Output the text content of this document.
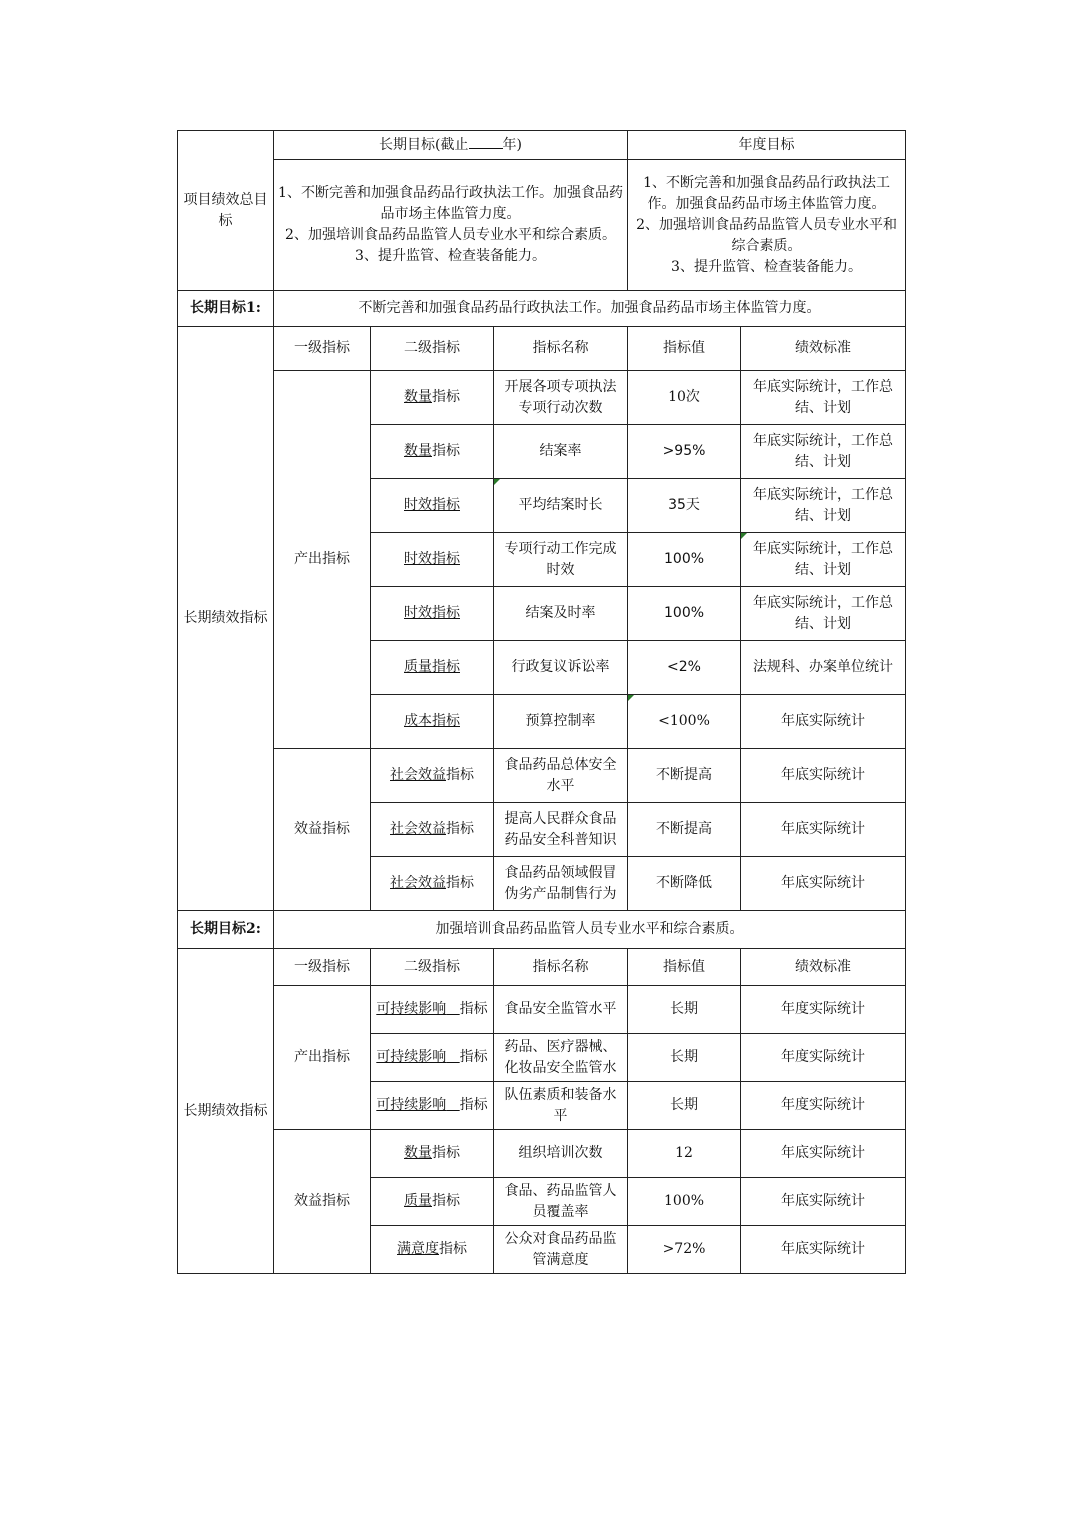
项目绩效总目标	长期目标(截止 年)			年度目标	
	1、不断完善和加强食品药品行政执法工作。加强食品药品市场主体监管力度。
2、加强培训食品药品监管人员专业水平和综合素质。
3、提升监管、检查装备能力。			1、不断完善和加强食品药品行政执法工作。加强食品药品市场主体监管力度。
2、加强培训食品药品监管人员专业水平和综合素质。
3、提升监管、检查装备能力。	
长期目标1:	不断完善和加强食品药品行政执法工作。加强食品药品市场主体监管力度。				
长期绩效指标	一级指标	二级指标	指标名称	指标值	绩效标准
	产出指标	数量指标	开展各项专项执法专项行动次数	10次	年底实际统计，工作总结、计划
		数量指标	结案率	>95%	年底实际统计，工作总结、计划
		时效指标	平均结案时长	35天	年底实际统计，工作总结、计划
		时效指标	专项行动工作完成时效	100%	年底实际统计，工作总结、计划
		时效指标	结案及时率	100%	年底实际统计，工作总结、计划
		质量指标	行政复议诉讼率	<2%	法规科、办案单位统计
		成本指标	预算控制率	<100%	年底实际统计
	效益指标	社会效益指标	食品药品总体安全水平	不断提高	年底实际统计
		社会效益指标	提高人民群众食品药品安全科普知识	不断提高	年底实际统计
		社会效益指标	食品药品领域假冒伪劣产品制售行为	不断降低	年底实际统计
长期目标2:	加强培训食品药品监管人员专业水平和综合素质。				
长期绩效指标	一级指标	二级指标	指标名称	指标值	绩效标准
	产出指标	可持续影响 指标	食品安全监管水平	长期	年度实际统计
		可持续影响 指标	药品、医疗器械、化妆品安全监管水	长期	年度实际统计
		可持续影响 指标	队伍素质和装备水平	长期	年度实际统计
	效益指标	数量指标	组织培训次数	12	年底实际统计
		质量指标	食品、药品监管人员覆盖率	100%	年底实际统计
		满意度指标	公众对食品药品监管满意度	>72%	年底实际统计
